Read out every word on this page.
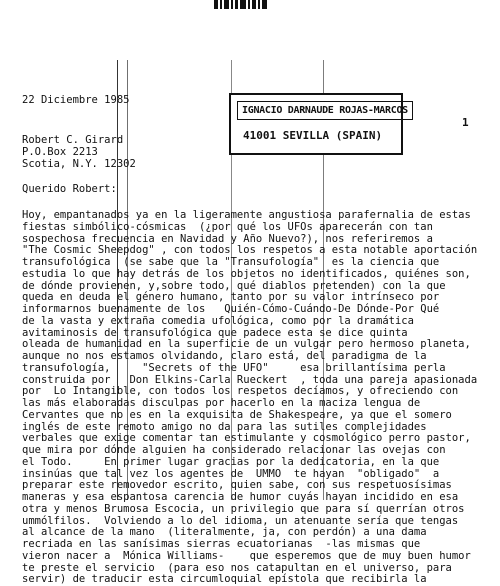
1
22 Diciembre 1985
IGNACIO DARNAUDE ROJAS-MARCOS
41001 SEVILLA (SPAIN)
Robert C. Girard
P.O.Box 2213
Scotia, N.Y. 12302
Querido Robert:
Hoy, empantanados ya en la ligeramente angustiosa parafernalia de estas
fiestas simbólico-cósmicas  (¿por qué los UFOs aparecerán con tan
sospechosa frecuencia en Navidad y Año Nuevo?), nos referiremos a
"The Cosmic Sheepdog" , con todos los respetos a esta notable aportación
transufológica  (se sabe que la "Transufología"  es la ciencia que
estudia lo que hay detrás de los objetos no identificados, quiénes son,
de dónde provienen, y,sobre todo, qué diablos pretenden) con la que
queda en deuda el género humano, tanto por su valor intrínseco por
informarnos buenamente de los   Quién-Cómo-Cuándo-De Dónde-Por Qué
de la vasta y extraña comedia ufológica, como por la dramática
avitaminosis de transufológica que padece esta se dice quinta
oleada de humanidad en la superficie de un vulgar pero hermoso planeta,
aunque no nos estamos olvidando, claro está, del paradigma de la
transufología,     "Secrets of the UFO"     esa brillantísima perla
construida por   Don Elkins-Carla Rueckert  , toda una pareja apasionada
por  Lo Intangible, con todos los respetos decíamos, y ofreciendo con
las más elaboradas disculpas por hacerlo en la maciza lengua de
Cervantes que no es en la exquisita de Shakespeare, ya que el somero
inglés de este remoto amigo no da para las sutiles complejidades
verbales que exige comentar tan estimulante y cosmológico perro pastor,
que mira por dónde alguien ha considerado relacionar las ovejas con
el Todo.     En primer lugar gracias por la dedicatoria, en la que
insinúas que tal vez los agentes de  UMMO  te hayan  "obligado"  a
preparar este removedor escrito, quien sabe, con sus respetuosísimas
maneras y esa espantosa carencia de humor cuyás hayan incidido en esa
otra y menos Brumosa Escocia, un privilegio que para sí querrían otros
ummólfilos.  Volviendo a lo del idioma, un atenuante sería que tengas
al alcance de la mano  (literalmente, ja, con perdón) a una dama
recriada en las sanísimas sierras ecuatorianas  -las mismas que
vieron nacer a  Mónica Williams-    que esperemos que de muy buen humor
te preste el servicio  (para eso nos catapultan en el universo, para
servir) de traducir esta circumloquial epístola que recibirla la
